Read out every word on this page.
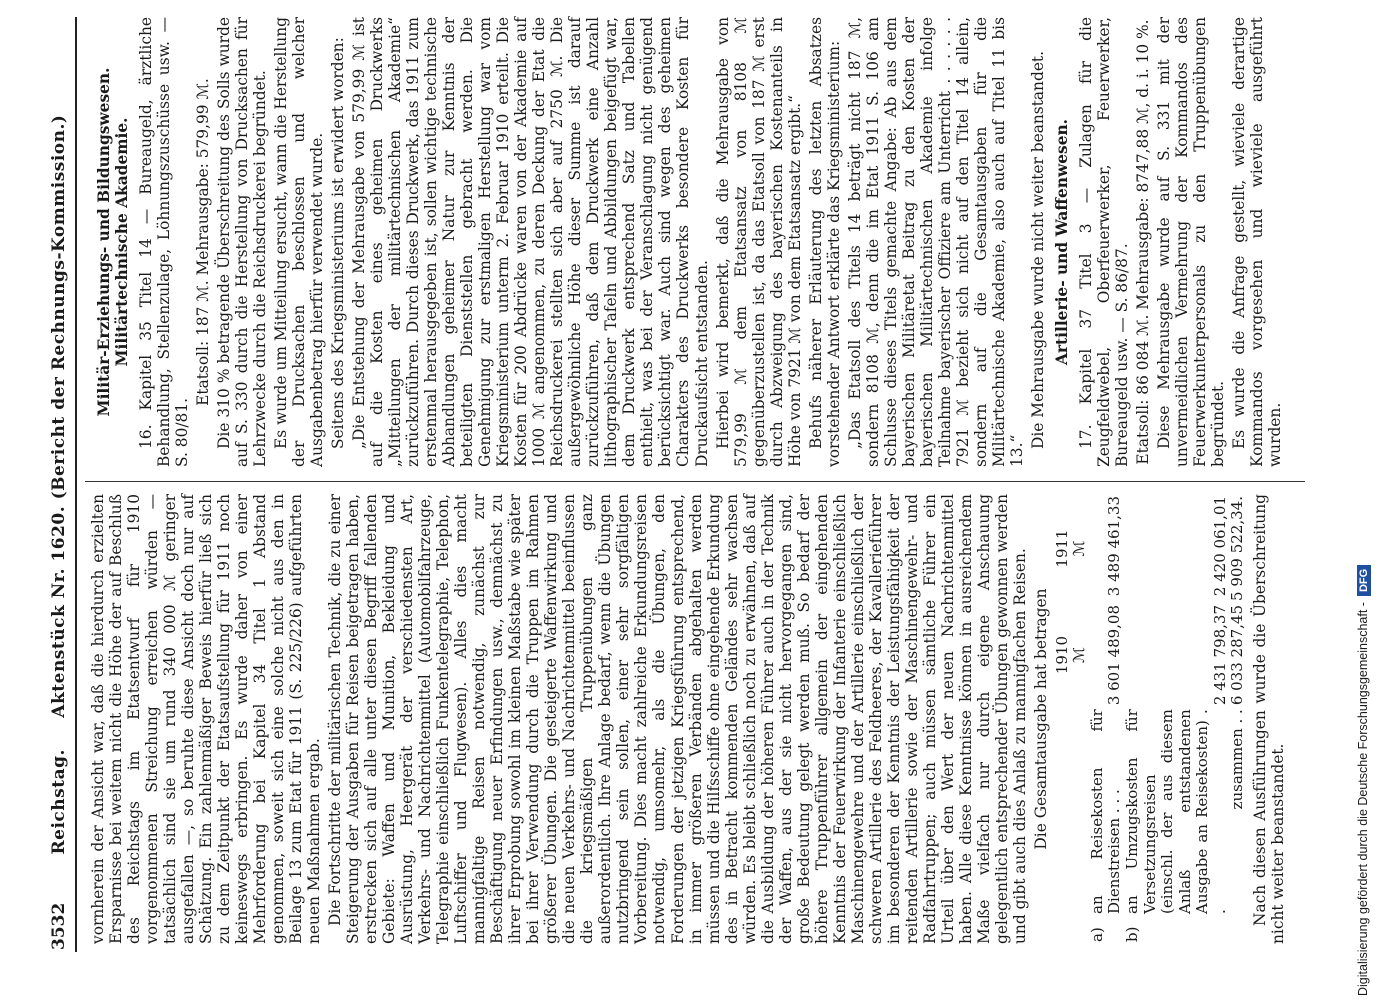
3532
Reichstag. Aktenstück Nr. 1620. (Bericht der Rechnungs-Kommission.)

vornherein der Ansicht war, daß die hierdurch erzielten Ersparnisse bei weitem nicht die Höhe der auf Beschluß des Reichstags im Etatsentwurf für 1910 vorgenommenen Streichung erreichen würden — tatsächlich sind sie um rund 340 000 ℳ geringer ausgefallen —, so beruhte diese Ansicht doch nur auf Schätzung. Ein zahlenmäßiger Beweis hierfür ließ sich zu dem Zeitpunkt der Etatsaufstellung für 1911 noch keineswegs erbringen. Es wurde daher von einer Mehrforderung bei Kapitel 34 Titel 1 Abstand genommen, soweit sich eine solche nicht aus den in Beilage 13 zum Etat für 1911 (S. 225/226) aufgeführten neuen Maßnahmen ergab. Die Fortschritte der militärischen Technik, die zu einer Steigerung der Ausgaben für Reisen beigetragen haben, erstrecken sich auf alle unter diesen Begriff fallenden Gebiete: Waffen und Munition, Bekleidung und Ausrüstung, Heergerät der verschiedensten Art, Verkehrs- und Nachrichtenmittel (Automobilfahrzeuge, Telegraphie einschließlich Funkentelegraphie, Telephon, Luftschiffer und Flugwesen). Alles dies macht mannigfaltige Reisen notwendig, zunächst zur Beschäftigung neuer Erfindungen usw., demnächst zu ihrer Erprobung sowohl im kleinen Maßstabe wie später bei ihrer Verwendung durch die Truppen im Rahmen größerer Übungen. Die gesteigerte Waffenwirkung und die neuen Verkehrs- und Nachrichtenmittel beeinflussen die kriegsmäßigen Truppenübungen ganz außerordentlich. Ihre Anlage bedarf, wenn die Übungen nutzbringend sein sollen, einer sehr sorgfältigen Vorbereitung. Dies macht zahlreiche Erkundungsreisen notwendig, umsomehr, als die Übungen, den Forderungen der jetzigen Kriegsführung entsprechend, in immer größeren Verbänden abgehalten werden müssen und die Hilfsschiffe ohne eingehende Erkundung des in Betracht kommenden Geländes sehr wachsen würden. Es bleibt schließlich noch zu erwähnen, daß auf die Ausbildung der höheren Führer auch in der Technik der Waffen, aus der sie nicht hervorgegangen sind, große Bedeutung gelegt werden muß. So bedarf der höhere Truppenführer allgemein der eingehenden Kenntnis der Feuerwirkung der Infanterie einschließlich Maschinengewehre und der Artillerie einschließlich der schweren Artillerie des Feldheeres, der Kavallerieführer im besonderen der Kenntnis der Leistungsfähigkeit der reitenden Artillerie sowie der Maschinengewehr- und Radfahrtruppen; auch müssen sämtliche Führer ein Urteil über den Wert der neuen Nachrichtenmittel haben. Alle diese Kenntnisse können in ausreichendem Maße vielfach nur durch eigene Anschauung gelegentlich entsprechender Übungen gewonnen werden und gibt auch dies Anlaß zu mannigfachen Reisen. Die Gesamtausgabe hat betragen

		1910	1911
		ℳ	ℳ
a)	an Reisekosten für Dienstreisen . . .	3 601 489,08	3 489 461,33
b)	an Umzugskosten für Versetzungsreisen (einschl. der aus diesem Anlaß entstandenen Ausgabe an Reisekosten) . .	2 431 798,37	2 420 061,01
	zusammen . .	6 033 287,45	5 909 522,34. Nach diesen Ausführungen wurde die Überschreitung nicht weiter beanstandet.

Militär-Erziehungs- und Bildungswesen. Militärtechnische Akademie. 16. Kapitel 35 Titel 14 — Bureaugeld, ärztliche Behandlung, Stellenzulage, Löhnungszuschüsse usw. — S. 80/81.

Etatsoll: 187 ℳ. Mehrausgabe: 579,99 ℳ. Die 310 % betragende Überschreitung des Solls wurde auf S. 330 durch die Herstellung von Drucksachen für Lehrzwecke durch die Reichsdruckerei begründet. Es wurde um Mitteilung ersucht, wann die Herstellung der Drucksachen beschlossen und welcher Ausgabenbetrag hierfür verwendet wurde. Seitens des Kriegsministeriums ist erwidert worden: „Die Entstehung der Mehrausgabe von 579,99 ℳ ist auf die Kosten eines geheimen Druckwerks „Mitteilungen der militärtechnischen Akademie“ zurückzuführen. Durch dieses Druckwerk, das 1911 zum erstenmal herausgegeben ist, sollen wichtige technische Abhandlungen geheimer Natur zur Kenntnis der beteiligten Dienststellen gebracht werden. Die Genehmigung zur erstmaligen Herstellung war vom Kriegsministerium unterm 2. Februar 1910 erteilt. Die Kosten für 200 Abdrücke waren von der Akademie auf 1000 ℳ angenommen, zu deren Deckung der Etat die Reichsdruckerei stellten sich aber auf 2750 ℳ. Die außergewöhnliche Höhe dieser Summe ist darauf zurückzuführen, daß dem Druckwerk eine Anzahl lithographischer Tafeln und Abbildungen beigefügt war, dem Druckwerk entsprechend Satz und Tabellen enthielt, was bei der Veranschlagung nicht genügend berücksichtigt war. Auch sind wegen des geheimen Charakters des Druckwerks besondere Kosten für Druckaufsicht entstanden. Hierbei wird bemerkt, daß die Mehrausgabe von 579,99 ℳ dem Etatsansatz von 8108 ℳ gegenüberzustellen ist, da das Etatsoll von 187 ℳ erst durch Abzweigung des bayerischen Kostenanteils in Höhe von 7921 ℳ von dem Etatsansatz ergibt.“ Behufs näherer Erläuterung des letzten Absatzes vorstehender Antwort erklärte das Kriegsministerium: „Das Etatsoll des Titels 14 beträgt nicht 187 ℳ, sondern 8108 ℳ, denn die im Etat 1911 S. 106 am Schlusse dieses Titels gemachte Angabe: Ab aus dem bayerischen Militäretat Beitrag zu den Kosten der bayerischen Militärtechnischen Akademie infolge Teilnahme bayerischer Offiziere am Unterricht . . . . . . 7921 ℳ bezieht sich nicht auf den Titel 14 allein, sondern auf die Gesamtausgaben für die Militärtechnische Akademie, also auch auf Titel 11 bis 13.“

Die Mehrausgabe wurde nicht weiter beanstandet. Artillerie- und Waffenwesen. 17. Kapitel 37 Titel 3 — Zulagen für die Zeugfeldwebel, Oberfeuerwerker, Feuerwerker, Bureaugeld usw. — S. 86/87. Etatsoll: 86 084 ℳ. Mehrausgabe: 8747,88 ℳ, d. i. 10 %. Diese Mehrausgabe wurde auf S. 331 mit der unvermeidlichen Vermehrung der Kommandos des Feuerwerkunterpersonals zu den Truppenübungen begründet. Es wurde die Anfrage gestellt, wieviele derartige Kommandos vorgesehen und wieviele ausgeführt wurden.

Digitalisierung gefördert durch die Deutsche Forschungsgemeinschaft -DFG
